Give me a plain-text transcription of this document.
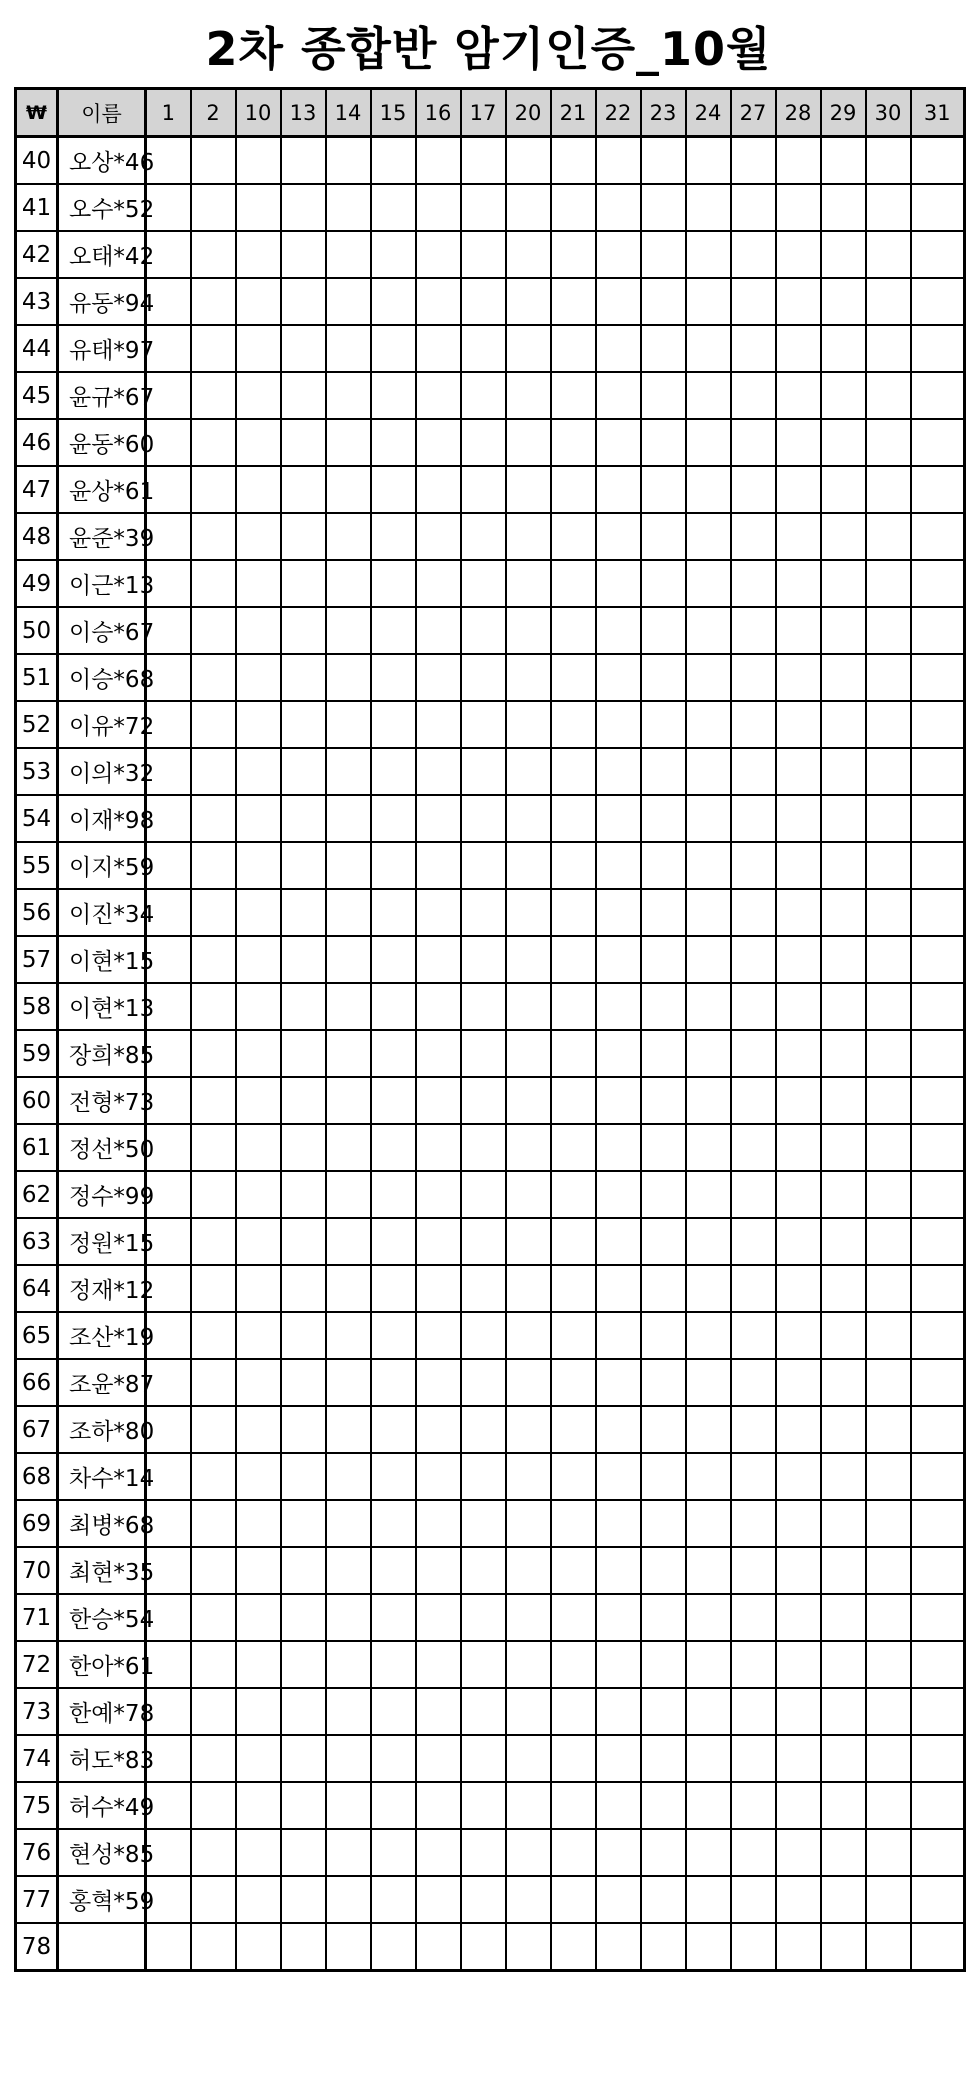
2차 종합반 암기인증_10월
₩	이름	1	2	10	13	14	15	16	17	20	21	22	23	24	27	28	29	30	31
40	오상*46																		
41	오수*52																		
42	오태*42																		
43	유동*94																		
44	유태*97																		
45	윤규*67																		
46	윤동*60																		
47	윤상*61																		
48	윤준*39																		
49	이근*13																		
50	이승*67																		
51	이승*68																		
52	이유*72																		
53	이의*32																		
54	이재*98																		
55	이지*59																		
56	이진*34																		
57	이현*15																		
58	이현*13																		
59	장희*85																		
60	전형*73																		
61	정선*50																		
62	정수*99																		
63	정원*15																		
64	정재*12																		
65	조산*19																		
66	조윤*87																		
67	조하*80																		
68	차수*14																		
69	최병*68																		
70	최현*35																		
71	한승*54																		
72	한아*61																		
73	한예*78																		
74	허도*83																		
75	허수*49																		
76	현성*85																		
77	홍혁*59																		
78																			
